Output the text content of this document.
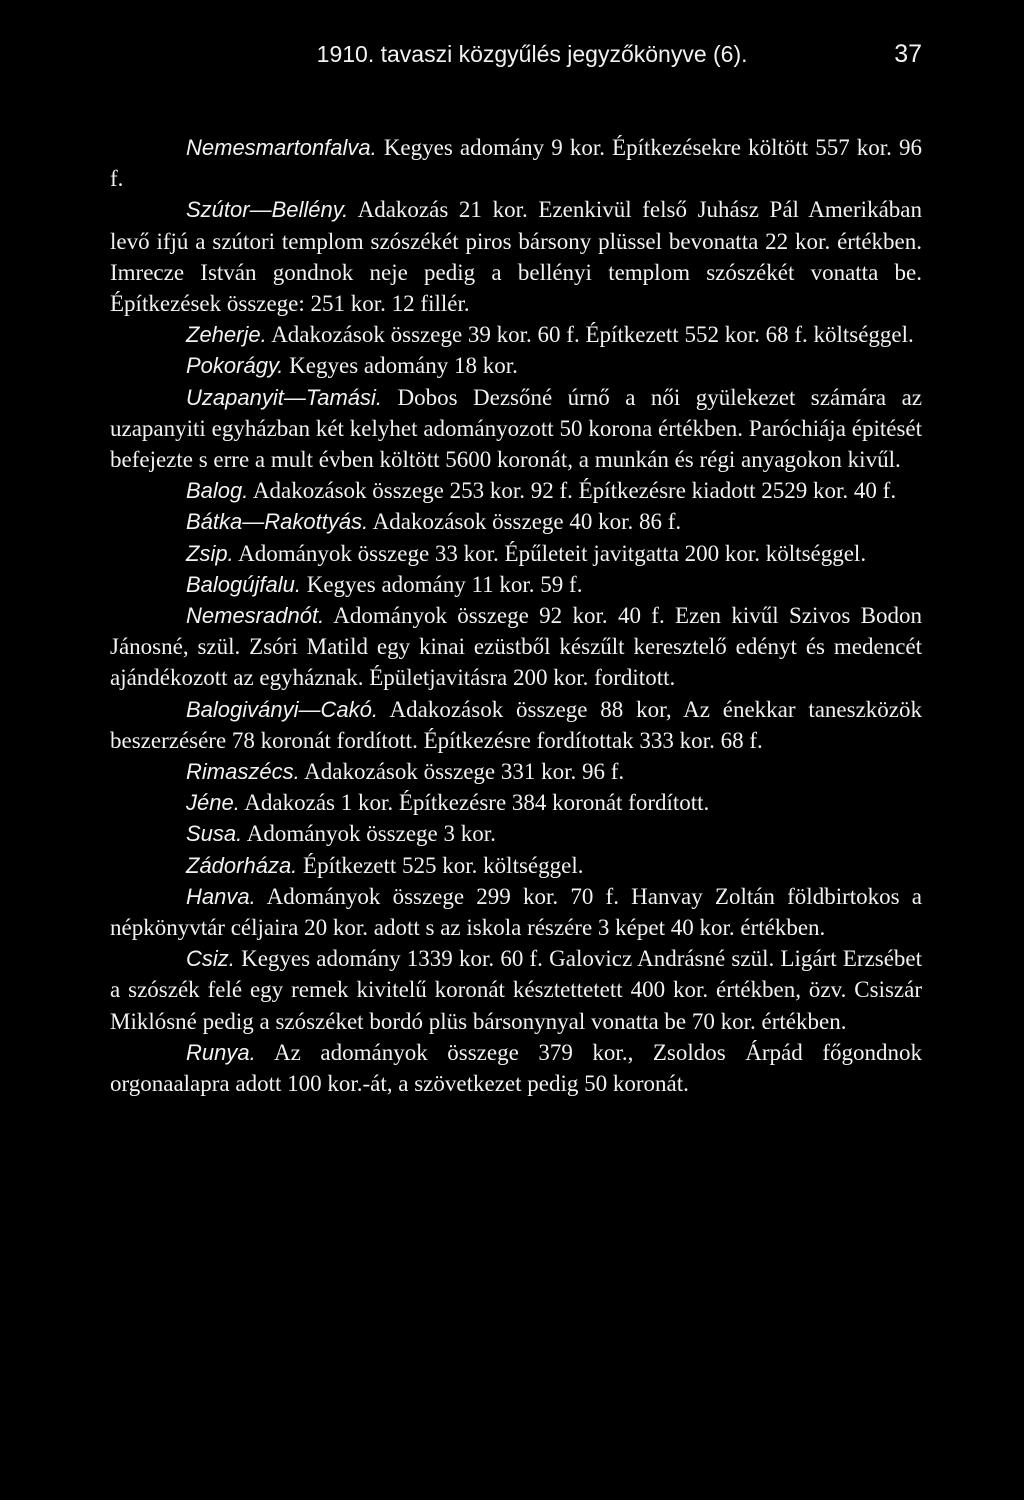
1910. tavaszi közgyűlés jegyzőkönyve (6).	37

Nemesmartonfalva. Kegyes adomány 9 kor. Építkezésekre költött 557 kor. 96 f.

Szútor—Bellény. Adakozás 21 kor. Ezenkivül felső Juhász Pál Amerikában levő ifjú a szútori templom szószékét piros bársony plüssel bevonatta 22 kor. értékben. Imrecze István gondnok neje pedig a bellényi templom szószékét vonatta be. Építkezések összege: 251 kor. 12 fillér.

Zeherje. Adakozások összege 39 kor. 60 f. Építkezett 552 kor. 68 f. költséggel.

Pokorágy. Kegyes adomány 18 kor.

Uzapanyit—Tamási. Dobos Dezsőné úrnő a női gyülekezet számára az uzapanyiti egyházban két kelyhet adományozott 50 korona értékben. Paróchiája épitését befejezte s erre a mult évben költött 5600 koronát, a munkán és régi anyagokon kivűl.

Balog. Adakozások összege 253 kor. 92 f. Építkezésre kiadott 2529 kor. 40 f.

Bátka—Rakottyás. Adakozások összege 40 kor. 86 f.

Zsip. Adományok összege 33 kor. Épűleteit javitgatta 200 kor. költséggel.

Balogújfalu. Kegyes adomány 11 kor. 59 f.

Nemesradnót. Adományok összege 92 kor. 40 f. Ezen kivűl Szivos Bodon Jánosné, szül. Zsóri Matild egy kinai ezüstből készűlt keresztelő edényt és medencét ajándékozott az egyháznak. Épületjavitásra 200 kor. forditott.

Balogiványi—Cakó. Adakozások összege 88 kor, Az énekkar taneszközök beszerzésére 78 koronát fordított. Építkezésre fordítottak 333 kor. 68 f.

Rimaszécs. Adakozások összege 331 kor. 96 f.

Jéne. Adakozás 1 kor. Építkezésre 384 koronát fordított.

Susa. Adományok összege 3 kor.

Zádorháza. Építkezett 525 kor. költséggel.

Hanva. Adományok összege 299 kor. 70 f. Hanvay Zoltán földbirtokos a népkönyvtár céljaira 20 kor. adott s az iskola részére 3 képet 40 kor. értékben.

Csiz. Kegyes adomány 1339 kor. 60 f. Galovicz Andrásné szül. Ligárt Erzsébet a szószék felé egy remek kivitelű koronát késztettetett 400 kor. értékben, özv. Csiszár Miklósné pedig a szószéket bordó plüs bársonynyal vonatta be 70 kor. értékben.

Runya. Az adományok összege 379 kor., Zsoldos Árpád főgondnok orgonaalapra adott 100 kor.-át, a szövetkezet pedig 50 koronát.
